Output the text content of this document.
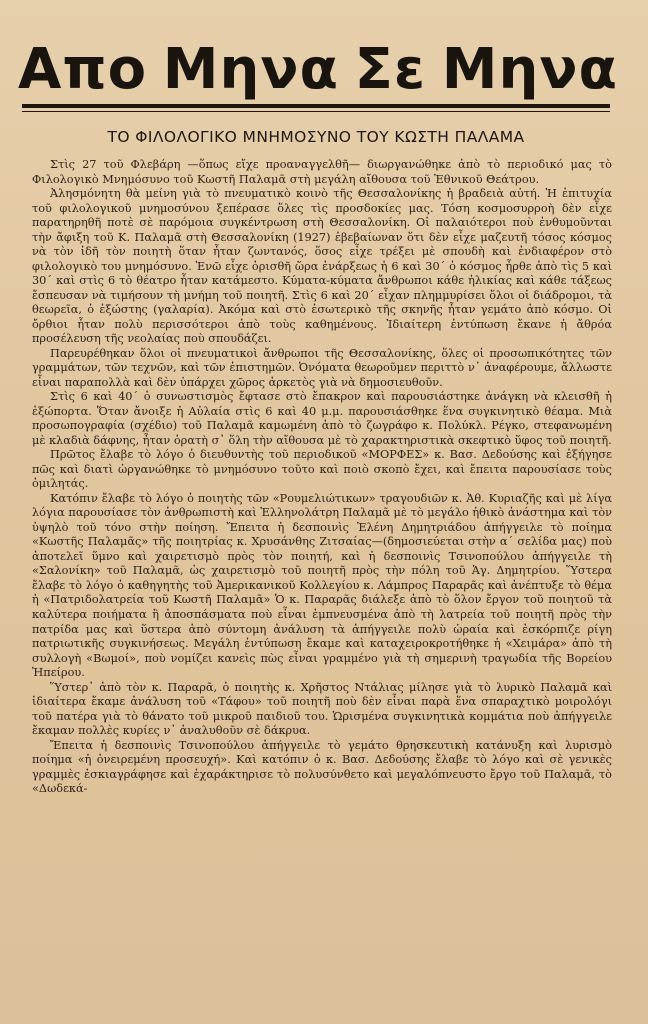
Απο Μηνα Σε Μηνα
ΤΟ ΦΙΛΟΛΟΓΙΚΟ ΜΝΗΜΟΣΥΝΟ ΤΟΥ ΚΩΣΤΗ ΠΑΛΑΜΑ

Στὶς 27 τοῦ Φλεβάρη —ὅπως εἴχε προαναγγελθῆ— διωργανώθηκε ἀπὸ τὸ περιοδικό μας τὸ Φιλολογικὸ Μνημόσυνο τοῦ Κωστῆ Παλαμᾶ στὴ μεγάλη αἴθουσα τοῦ Ἐθνικοῦ Θεάτρου.

Ἀλησμόνητη θὰ μείνη γιὰ τὸ πνευματικὸ κοινὸ τῆς Θεσσαλονίκης ἡ βραδειὰ αὐτή. Ἡ ἐπιτυχία τοῦ φιλολογικοῦ μνημοσύνου ξεπέρασε ὅλες τὶς προσδοκίες μας. Τόση κοσμοσυρροὴ δὲν εἶχε παρατηρηθῆ ποτὲ σὲ παρόμοια συγκέντρωση στὴ Θεσσαλονίκη. Οἱ παλαιότεροι ποὺ ἐνθυμοῦνται τὴν ἄφιξη τοῦ Κ. Παλαμᾶ στὴ Θεσσαλονίκη (1927) ἐβεβαίωναν ὅτι δὲν εἶχε μαζευτῆ τόσος κόσμος νὰ τὸν ἰδῆ τὸν ποιητὴ ὅταν ἦταν ζωντανός, ὅσος εἶχε τρέξει μὲ σπουδὴ καὶ ἐνδιαφέρον στὸ φιλολογικὸ του μνημόσυνο. Ἐνῶ εἶχε ὁρισθῆ ὥρα ἐνάρξεως ἡ 6 καὶ 30΄ ὁ κόσμος ἦρθε ἀπὸ τὶς 5 καὶ 30΄ καὶ στὶς 6 τὸ θέατρο ἦταν κατάμεστο. Κύματα-κύματα ἄνθρωποι κάθε ἡλικίας καὶ κάθε τάξεως ἔσπευσαν νὰ τιμήσουν τὴ μνήμη τοῦ ποιητῆ. Στὶς 6 καὶ 20΄ εἶχαν πλημμυρίσει ὅλοι οἱ διάδρομοι, τὰ θεωρεῖα, ὁ ἐξώστης (γαλαρία). Ἀκόμα καὶ στὸ ἐσωτερικὸ τῆς σκηνῆς ἦταν γεμάτο ἀπὸ κόσμο. Οἱ ὄρθιοι ἦταν πολὺ περισσότεροι ἀπὸ τοὺς καθημένους. Ἰδιαίτερη ἐντύπωση ἔκανε ἡ ἄθρόα προσέλευση τῆς νεολαίας ποὺ σπουδάζει.

Παρευρέθηκαν ὅλοι οἱ πνευματικοὶ ἄνθρωποι τῆς Θεσσαλονίκης, ὅλες οἱ προσωπικότητες τῶν γραμμάτων, τῶν τεχνῶν, καὶ τῶν ἐπιστημῶν. Ὀνόματα θεωροῦμεν περιττὸ ν᾿ ἀναφέρουμε, ἄλλωστε εἶναι παραπολλὰ καὶ δὲν ὑπάρχει χῶρος ἀρκετὸς γιὰ νὰ δημοσιευθοῦν.

Στὶς 6 καὶ 40΄ ὁ συνωστισμὸς ἔφτασε στὸ ἔπακρον καὶ παρουσιάστηκε ἀνάγκη νὰ κλεισθῆ ἡ ἐξώπορτα. Ὅταν ἄνοιξε ἡ Αὐλαία στὶς 6 καὶ 40 μ.μ. παρουσιάσθηκε ἕνα συγκινητικὸ θέαμα. Μιὰ προσωπογραφία (σχέδιο) τοῦ Παλαμᾶ καμωμένη ἀπὸ τὸ ζωγράφο κ. Πολύκλ. Ρέγκο, στεφανωμένη μὲ κλαδιὰ δάφνης, ἦταν ὁρατὴ σ᾿ ὅλη τὴν αἴθουσα μὲ τὸ χαρακτηριστικὰ σκεφτικὸ ὕφος τοῦ ποιητῆ.

Πρῶτος ἔλαβε τὸ λόγο ὁ διευθυντὴς τοῦ περιοδικοῦ «ΜΟΡΦΕΣ» κ. Βασ. Δεδούσης καὶ ἐξήγησε πῶς καὶ διατὶ ὠργανώθηκε τὸ μνημόσυνο τοῦτο καὶ ποιὸ σκοπὸ ἔχει, καὶ ἔπειτα παρουσίασε τοὺς ὁμιλητάς.

Κατόπιν ἔλαβε τὸ λόγο ὁ ποιητὴς τῶν «Ρουμελιώτικων» τραγουδιῶν κ. Ἀθ. Κυριαζῆς καὶ μὲ λίγα λόγια παρουσίασε τὸν ἀνθρωπιστὴ καὶ Ἑλληνολάτρη Παλαμᾶ μὲ τὸ μεγάλο ἠθικὸ ἀνάστημα καὶ τὸν ὑψηλὸ τοῦ τόνο στὴν ποίηση. Ἔπειτα ἡ δεσποινὶς Ἑλένη Δημητριάδου ἀπήγγειλε τὸ ποίημα «Κωστῆς Παλαμᾶς» τῆς ποιητρίας κ. Χρυσάνθης Ζιτσαίας—(δημοσιεύεται στὴν α΄ σελίδα μας) ποὺ ἀποτελεῖ ὕμνο καὶ χαιρετισμὸ πρὸς τὸν ποιητή, καὶ ἡ δεσποινὶς Τσινοπούλου ἀπήγγειλε τὴ «Σαλονίκη» τοῦ Παλαμᾶ, ὡς χαιρετισμὸ τοῦ ποιητῆ πρὸς τὴν πόλη τοῦ Ἁγ. Δημητρίου. Ὕστερα ἔλαβε τὸ λόγο ὁ καθηγητὴς τοῦ Ἀμερικανικοῦ Κολλεγίου κ. Λάμπρος Παραρᾶς καὶ ἀνέπτυξε τὸ θέμα ἡ «Πατριδολατρεία τοῦ Κωστῆ Παλαμᾶ» Ὁ κ. Παραρᾶς διάλεξε ἀπὸ τὸ ὅλον ἔργον τοῦ ποιητοῦ τὰ καλύτερα ποιήματα ἢ ἀποσπάσματα ποὺ εἶναι ἐμπνευσμένα ἀπὸ τὴ λατρεία τοῦ ποιητῆ πρὸς τὴν πατρίδα μας καὶ ὕστερα ἀπὸ σύντομη ἀνάλυση τὰ ἀπήγγειλε πολὺ ὡραία καὶ ἐσκόρπιζε ρίγη πατριωτικῆς συγκινήσεως. Μεγάλη ἐντύπωση ἔκαμε καὶ καταχειροκροτήθηκε ἡ «Χειμάρα» ἀπὸ τὴ συλλογὴ «Βωμοί», ποὺ νομίζει κανεὶς πὼς εἶναι γραμμένο γιὰ τὴ σημερινὴ τραγωδία τῆς Βορείου Ἠπείρου.

Ὕστερ᾿ ἀπὸ τὸν κ. Παραρᾶ, ὁ ποιητὴς κ. Χρῆστος Ντάλιας μίλησε γιὰ τὸ λυρικὸ Παλαμᾶ καὶ ἰδιαίτερα ἔκαμε ἀνάλυση τοῦ «Τάφου» τοῦ ποιητῆ ποὺ δὲν εἶναι παρὰ ἕνα σπαραχτικὸ μοιρολόγι τοῦ πατέρα γιὰ τὸ θάνατο τοῦ μικροῦ παιδιοῦ του. Ὡρισμένα συγκινητικὰ κομμάτια ποὺ ἀπήγγειλε ἔκαμαν πολλὲς κυρίες ν᾿ ἀναλυθοῦν σὲ δάκρυα.

Ἔπειτα ἡ δεσποινὶς Τσινοπούλου ἀπήγγειλε τὸ γεμάτο θρησκευτικὴ κατάνυξη καὶ λυρισμὸ ποίημα «ἡ ὀνειρεμένη προσευχή». Καὶ κατόπιν ὁ κ. Βασ. Δεδούσης ἔλαβε τὸ λόγο καὶ σὲ γενικὲς γραμμὲς ἐσκιαγράφησε καὶ ἐχαράκτηρισε τὸ πολυσύνθετο καὶ μεγαλόπνευστο ἔργο τοῦ Παλαμᾶ, τὸ «Δωδεκά-
